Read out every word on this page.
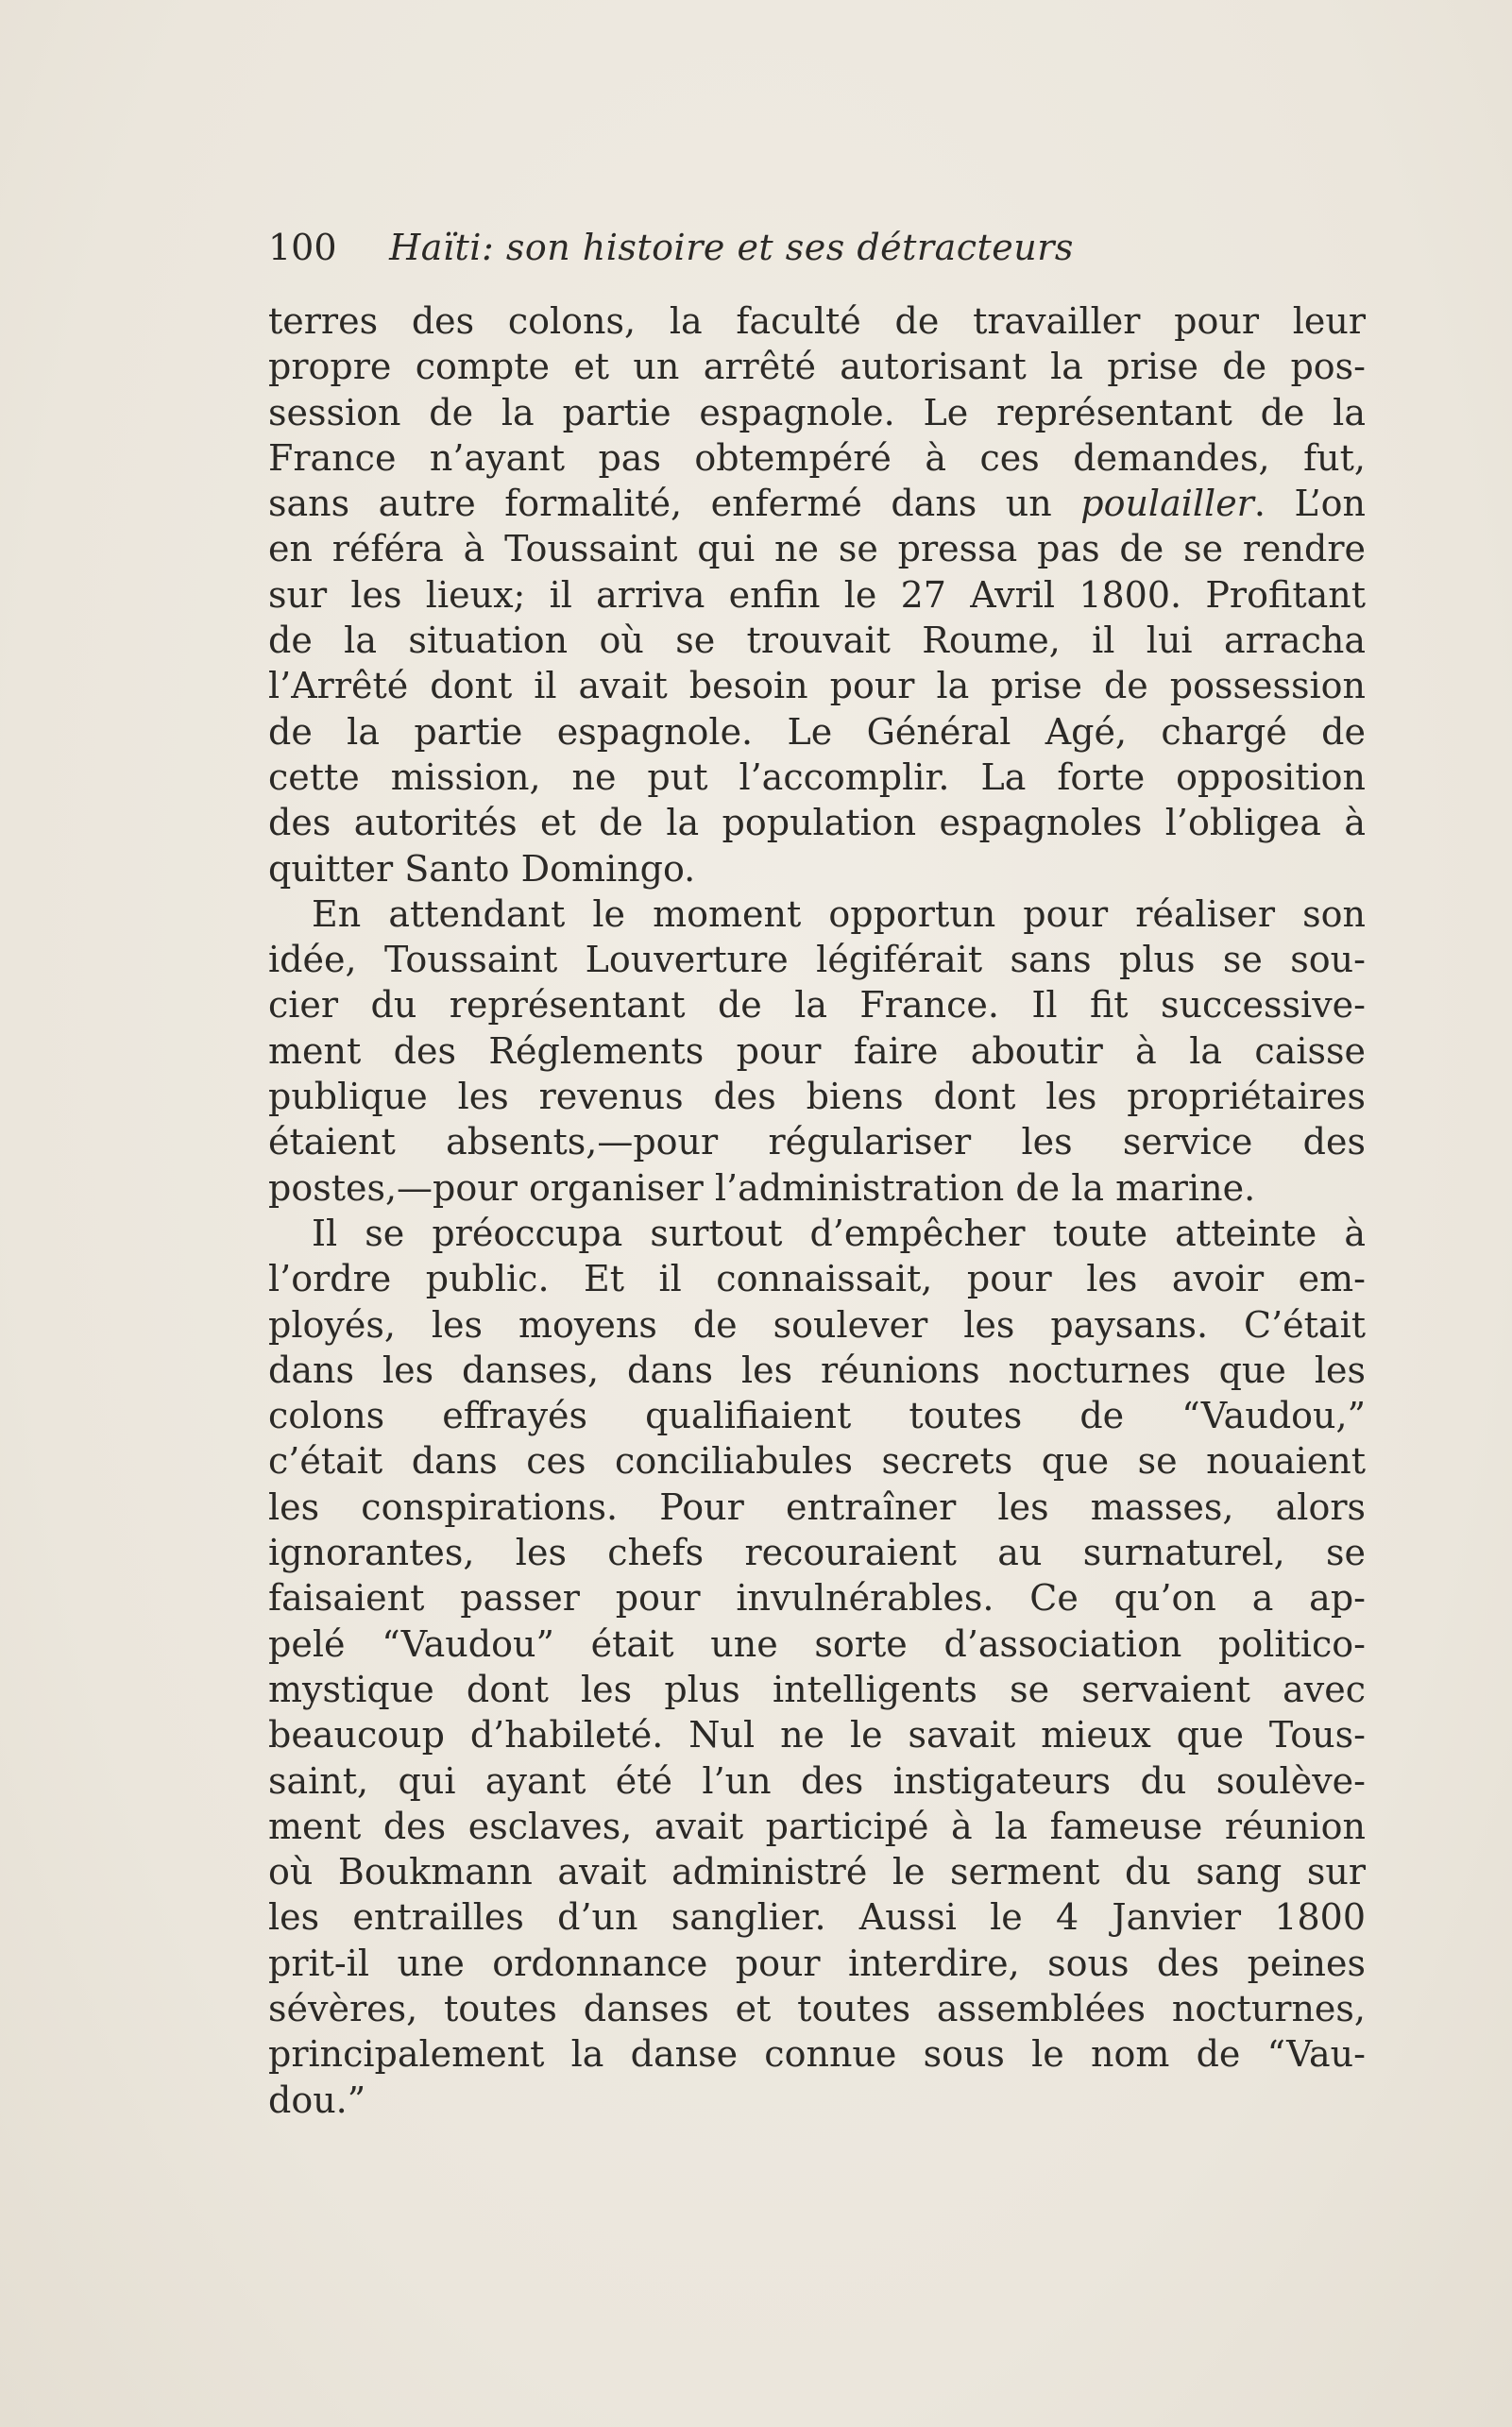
100 Haïti: son histoire et ses détracteurs
terres des colons, la faculté de travailler pour leur
propre compte et un arrêté autorisant la prise de pos-
session de la partie espagnole. Le représentant de la
France n’ayant pas obtempéré à ces demandes, fut,
sans autre formalité, enfermé dans un poulailler. L’on
en référa à Toussaint qui ne se pressa pas de se rendre
sur les lieux; il arriva enfin le 27 Avril 1800. Profitant
de la situation où se trouvait Roume, il lui arracha
l’Arrêté dont il avait besoin pour la prise de possession
de la partie espagnole. Le Général Agé, chargé de
cette mission, ne put l’accomplir. La forte opposition
des autorités et de la population espagnoles l’obligea à
quitter Santo Domingo.
En attendant le moment opportun pour réaliser son
idée, Toussaint Louverture légiférait sans plus se sou-
cier du représentant de la France. Il fit successive-
ment des Réglements pour faire aboutir à la caisse
publique les revenus des biens dont les propriétaires
étaient absents,—pour régulariser les service des
postes,—pour organiser l’administration de la marine.
Il se préoccupa surtout d’empêcher toute atteinte à
l’ordre public. Et il connaissait, pour les avoir em-
ployés, les moyens de soulever les paysans. C’était
dans les danses, dans les réunions nocturnes que les
colons effrayés qualifiaient toutes de “Vaudou,”
c’était dans ces conciliabules secrets que se nouaient
les conspirations. Pour entraîner les masses, alors
ignorantes, les chefs recouraient au surnaturel, se
faisaient passer pour invulnérables. Ce qu’on a ap-
pelé “Vaudou” était une sorte d’association politico-
mystique dont les plus intelligents se servaient avec
beaucoup d’habileté. Nul ne le savait mieux que Tous-
saint, qui ayant été l’un des instigateurs du soulève-
ment des esclaves, avait participé à la fameuse réunion
où Boukmann avait administré le serment du sang sur
les entrailles d’un sanglier. Aussi le 4 Janvier 1800
prit-il une ordonnance pour interdire, sous des peines
sévères, toutes danses et toutes assemblées nocturnes,
principalement la danse connue sous le nom de “Vau-
dou.”
